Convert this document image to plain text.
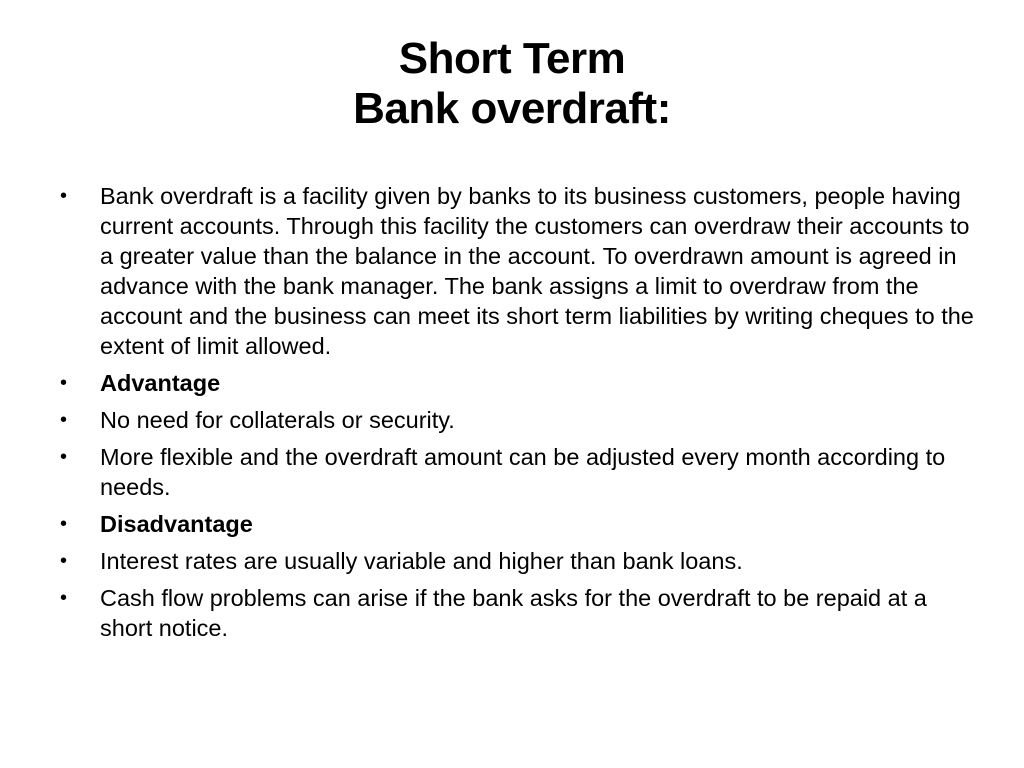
Short Term
Bank overdraft:
• Bank overdraft is a facility given by banks to its business customers, people having current accounts. Through this facility the customers can overdraw their accounts to a greater value than the balance in the account. To overdrawn amount is agreed in advance with the bank manager. The bank assigns a limit to overdraw from the account and the business can meet its short term liabilities by writing cheques to the extent of limit allowed.
• Advantage
• No need for collaterals or security.
• More flexible and the overdraft amount can be adjusted every month according to needs.
• Disadvantage
• Interest rates are usually variable and higher than bank loans.
• Cash flow problems can arise if the bank asks for the overdraft to be repaid at a short notice.
